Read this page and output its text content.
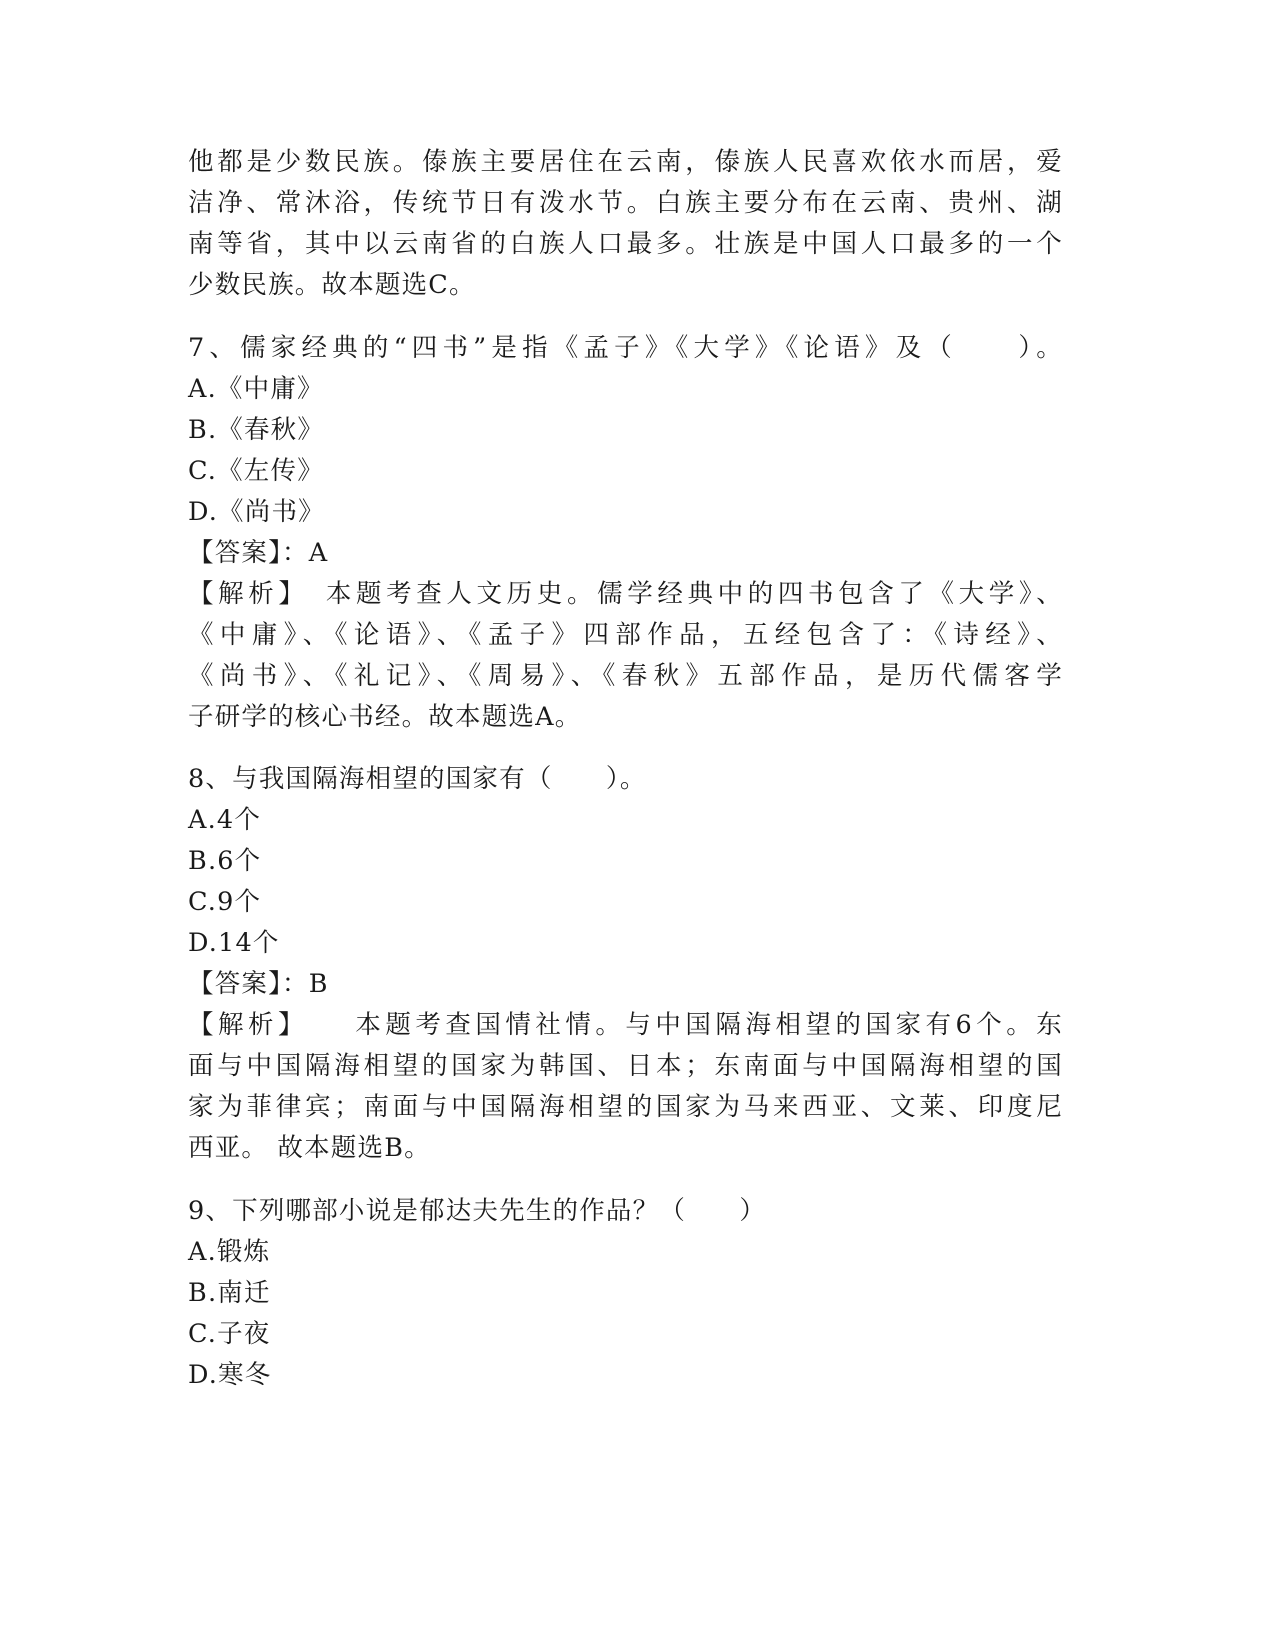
他都是少数民族。傣族主要居住在云南，傣族人民喜欢依水而居，爱
洁净、常沐浴，传统节日有泼水节。白族主要分布在云南、贵州、湖
南等省，其中以云南省的白族人口最多。壮族是中国人口最多的一个
少数民族。故本题选C。
7、儒家经典的“四书”是指《孟子》《大学》《论语》及（　　）。
A.《中庸》
B.《春秋》
C.《左传》
D.《尚书》
【答案】：A
【解析】　本题考查人文历史。儒学经典中的四书包含了《大学》、
《中庸》、《论语》、《孟子》四部作品，五经包含了：《诗经》、
《尚书》、《礼记》、《周易》、《春秋》五部作品，是历代儒客学
子研学的核心书经。故本题选A。
8、与我国隔海相望的国家有（　　）。
A.4个
B.6个
C.9个
D.14个
【答案】：B
【解析】　　本题考查国情社情。与中国隔海相望的国家有6个。东
面与中国隔海相望的国家为韩国、日本；东南面与中国隔海相望的国
家为菲律宾；南面与中国隔海相望的国家为马来西亚、文莱、印度尼
西亚。 故本题选B。
9、下列哪部小说是郁达夫先生的作品？（　　）
A.锻炼
B.南迁
C.子夜
D.寒冬
